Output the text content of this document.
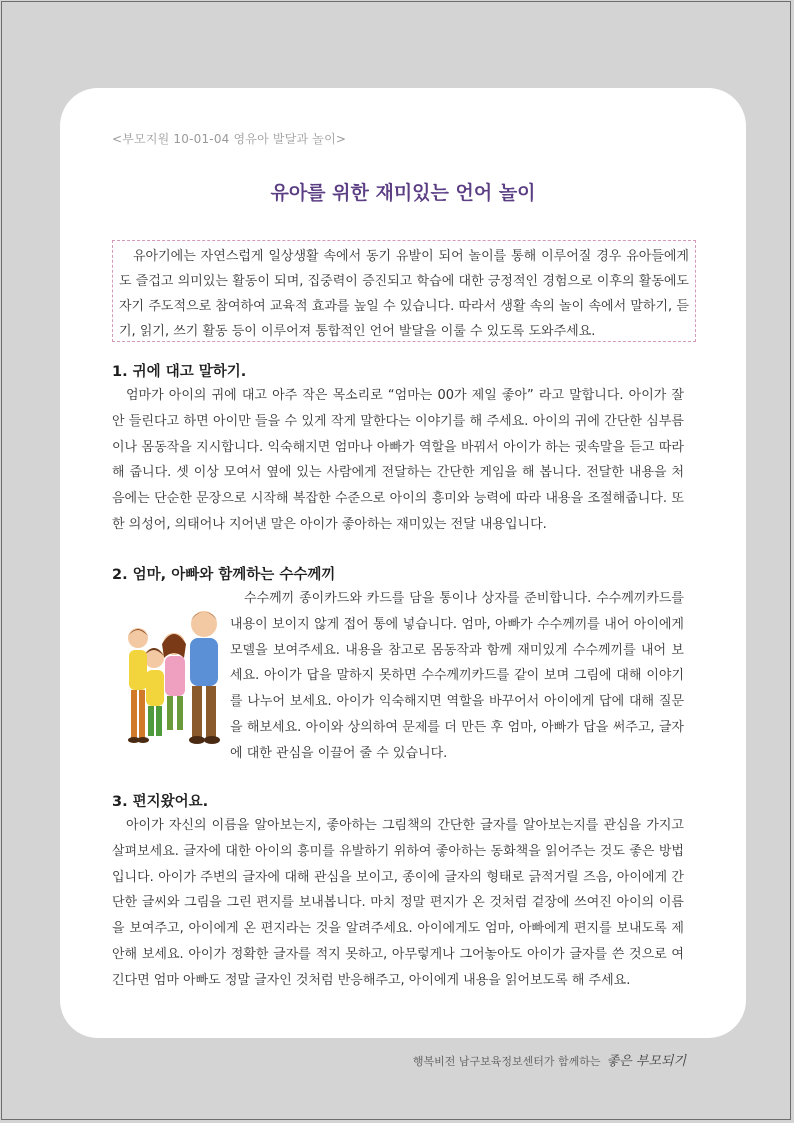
<부모지원 10-01-04 영유아 발달과 놀이>
유아를 위한 재미있는 언어 놀이

유아기에는 자연스럽게 일상생활 속에서 동기 유발이 되어 놀이를 통해 이루어질 경우 유아들에게도 즐겁고 의미있는 활동이 되며, 집중력이 증진되고 학습에 대한 긍정적인 경험으로 이후의 활동에도 자기 주도적으로 참여하여 교육적 효과를 높일 수 있습니다. 따라서 생활 속의 놀이 속에서 말하기, 듣기, 읽기, 쓰기 활동 등이 이루어져 통합적인 언어 발달을 이룰 수 있도록 도와주세요.

1. 귀에 대고 말하기.

엄마가 아이의 귀에 대고 아주 작은 목소리로 “엄마는 00가 제일 좋아” 라고 말합니다. 아이가 잘 안 들린다고 하면 아이만 들을 수 있게 작게 말한다는 이야기를 해 주세요. 아이의 귀에 간단한 심부름이나 몸동작을 지시합니다. 익숙해지면 엄마나 아빠가 역할을 바꿔서 아이가 하는 귓속말을 듣고 따라해 줍니다. 셋 이상 모여서 옆에 있는 사람에게 전달하는 간단한 게임을 해 봅니다. 전달한 내용을 처음에는 단순한 문장으로 시작해 복잡한 수준으로 아이의 흥미와 능력에 따라 내용을 조절해줍니다. 또한 의성어, 의태어나 지어낸 말은 아이가 좋아하는 재미있는 전달 내용입니다.

2. 엄마, 아빠와 함께하는 수수께끼

수수께끼 종이카드와 카드를 담을 통이나 상자를 준비합니다. 수수께끼카드를 내용이 보이지 않게 접어 통에 넣습니다. 엄마, 아빠가 수수께끼를 내어 아이에게 모델을 보여주세요. 내용을 참고로 몸동작과 함께 재미있게 수수께끼를 내어 보세요. 아이가 답을 말하지 못하면 수수께끼카드를 같이 보며 그림에 대해 이야기를 나누어 보세요. 아이가 익숙해지면 역할을 바꾸어서 아이에게 답에 대해 질문을 해보세요. 아이와 상의하여 문제를 더 만든 후 엄마, 아빠가 답을 써주고, 글자에 대한 관심을 이끌어 줄 수 있습니다.

3. 편지왔어요.

아이가 자신의 이름을 알아보는지, 좋아하는 그림책의 간단한 글자를 알아보는지를 관심을 가지고 살펴보세요. 글자에 대한 아이의 흥미를 유발하기 위하여 좋아하는 동화책을 읽어주는 것도 좋은 방법입니다. 아이가 주변의 글자에 대해 관심을 보이고, 종이에 글자의 형태로 긁적거릴 즈음, 아이에게 간단한 글씨와 그림을 그린 편지를 보내봅니다. 마치 정말 편지가 온 것처럼 겉장에 쓰여진 아이의 이름을 보여주고, 아이에게 온 편지라는 것을 알려주세요. 아이에게도 엄마, 아빠에게 편지를 보내도록 제안해 보세요. 아이가 정확한 글자를 적지 못하고, 아무렇게나 그어놓아도 아이가 글자를 쓴 것으로 여긴다면 엄마 아빠도 정말 글자인 것처럼 반응해주고, 아이에게 내용을 읽어보도록 해 주세요.

행복비전 남구보육정보센터가 함께하는 좋은 부모되기
